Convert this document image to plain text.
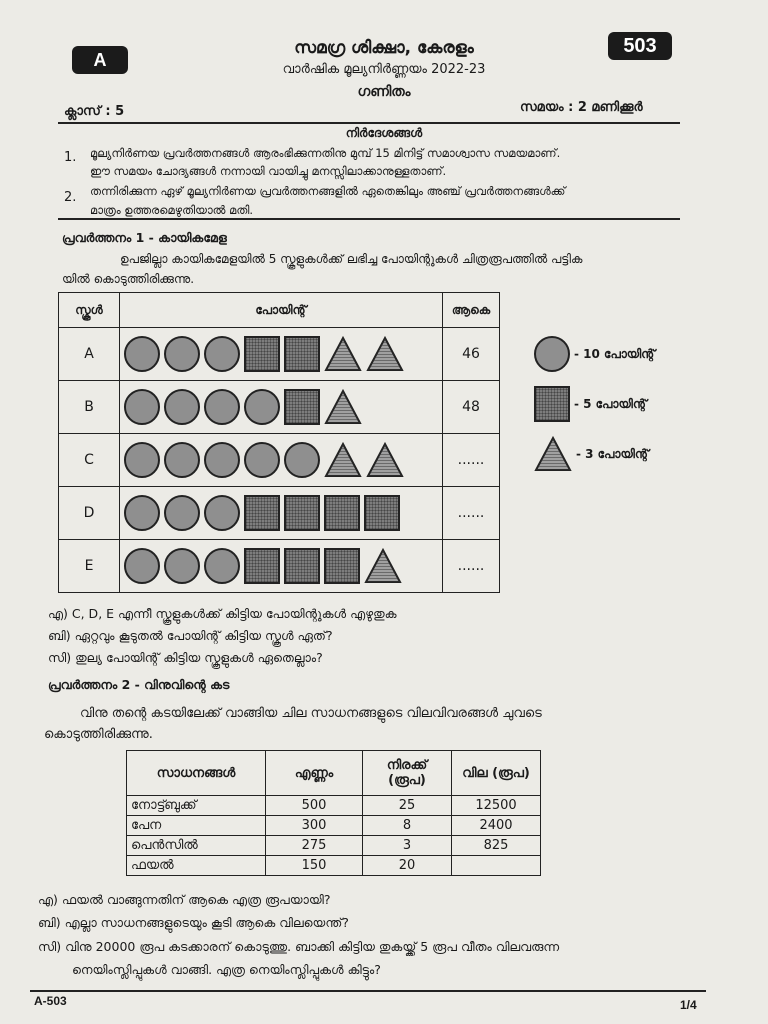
A
503
സമഗ്ര ശിക്ഷാ, കേരളം
വാർഷിക മൂല്യനിർണ്ണയം 2022-23
ഗണിതം
ക്ലാസ് : 5	സമയം : 2 മണിക്കൂർ
നിർദേശങ്ങൾ
1. മൂല്യനിർണയ പ്രവർത്തനങ്ങൾ ആരംഭിക്കുന്നതിനു മുമ്പ് 15 മിനിട്ട് സമാശ്വാസ സമയമാണ്.
ഈ സമയം ചോദ്യങ്ങൾ നന്നായി വായിച്ചു മനസ്സിലാക്കാനുള്ളതാണ്.
2. തന്നിരിക്കുന്ന ഏഴ് മൂല്യനിർണയ പ്രവർത്തനങ്ങളിൽ ഏതെങ്കിലും അഞ്ച് പ്രവർത്തനങ്ങൾക്ക്
മാത്രം ഉത്തരമെഴുതിയാൽ മതി.
പ്രവർത്തനം 1 - കായികമേള
ഉപജില്ലാ കായികമേളയിൽ 5 സ്കൂളുകൾക്ക് ലഭിച്ച പോയിന്റുകൾ ചിത്രരൂപത്തിൽ പട്ടിക
യിൽ കൊടുത്തിരിക്കുന്നു.
സ്കൂൾ	പോയിന്റ്	ആകെ
A		46
B		48
C		......
D		......
E		......
- 10 പോയിന്റ്
- 5 പോയിന്റ്
- 3 പോയിന്റ്
എ) C, D, E എന്നീ സ്കൂളുകൾക്ക് കിട്ടിയ പോയിന്റുകൾ എഴുതുക
ബി) ഏറ്റവും കൂടുതൽ പോയിന്റ് കിട്ടിയ സ്കൂൾ ഏത്?
സി) തുല്യ പോയിന്റ് കിട്ടിയ സ്കൂളുകൾ ഏതെല്ലാം?
പ്രവർത്തനം 2 - വിനുവിന്റെ കട
വിനു തന്റെ കടയിലേക്ക് വാങ്ങിയ ചില സാധനങ്ങളുടെ വിലവിവരങ്ങൾ ചുവടെ
കൊടുത്തിരിക്കുന്നു.
സാധനങ്ങൾ	എണ്ണം	നിരക്ക് (രൂപ)	വില (രൂപ)
നോട്ട്ബുക്ക്	500	25	12500
പേന	300	8	2400
പെൻസിൽ	275	3	825
ഫയൽ	150	20	
എ) ഫയൽ വാങ്ങുന്നതിന് ആകെ എത്ര രൂപയായി?
ബി) എല്ലാ സാധനങ്ങളുടെയും കൂടി ആകെ വിലയെന്ത്?
സി) വിനു 20000 രൂപ കടക്കാരന് കൊടുത്തു. ബാക്കി കിട്ടിയ തുകയ്ക്ക് 5 രൂപ വീതം വിലവരുന്ന
നെയിംസ്ലിപ്പുകൾ വാങ്ങി. എത്ര നെയിംസ്ലിപ്പുകൾ കിട്ടും?
A-503	1/4
